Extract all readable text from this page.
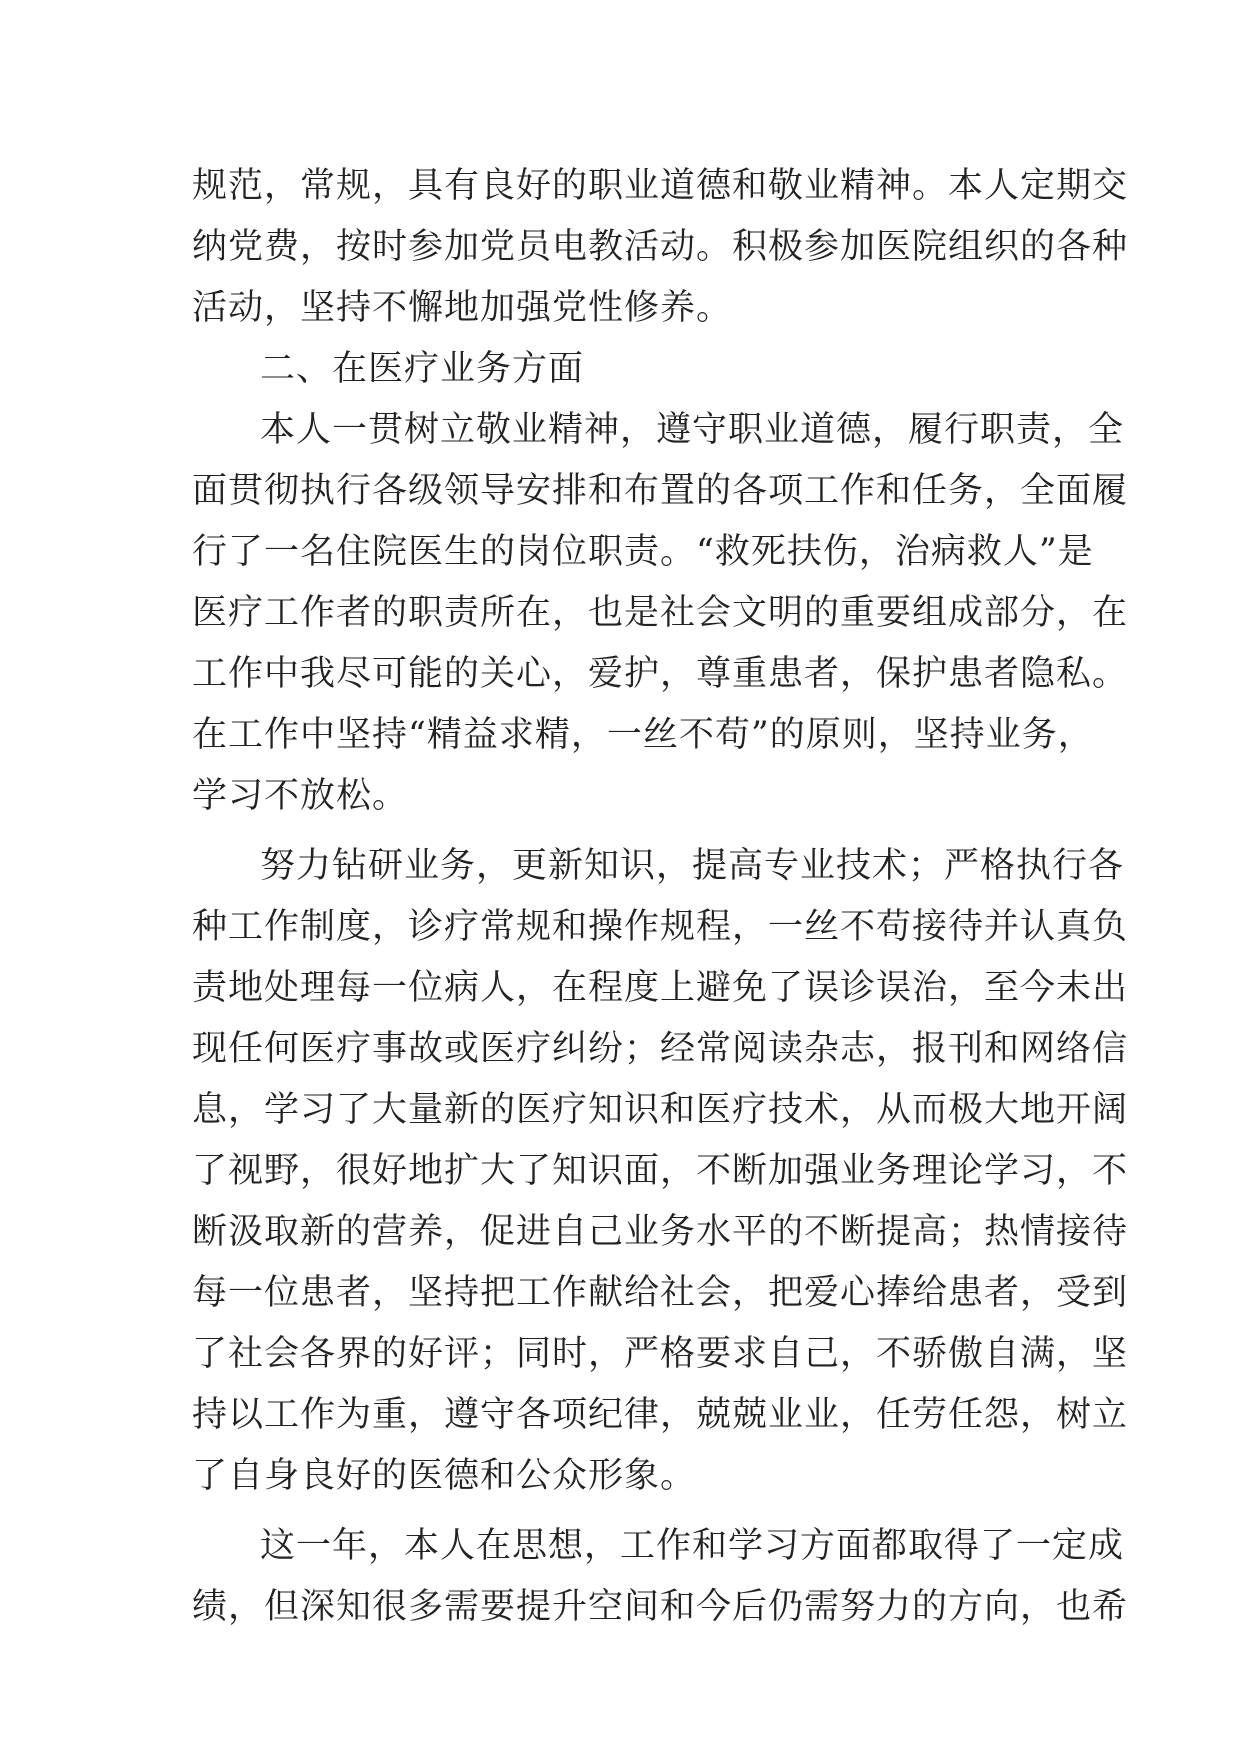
规范，常规，具有良好的职业道德和敬业精神。本人定期交
纳党费，按时参加党员电教活动。积极参加医院组织的各种
活动，坚持不懈地加强党性修养。
二、在医疗业务方面
本人一贯树立敬业精神，遵守职业道德，履行职责，全
面贯彻执行各级领导安排和布置的各项工作和任务，全面履
行了一名住院医生的岗位职责。“救死扶伤，治病救人”是
医疗工作者的职责所在，也是社会文明的重要组成部分，在
工作中我尽可能的关心，爱护，尊重患者，保护患者隐私。
在工作中坚持“精益求精，一丝不苟”的原则，坚持业务，
学习不放松。
努力钻研业务，更新知识，提高专业技术；严格执行各
种工作制度，诊疗常规和操作规程，一丝不苟接待并认真负
责地处理每一位病人，在程度上避免了误诊误治，至今未出
现任何医疗事故或医疗纠纷；经常阅读杂志，报刊和网络信
息，学习了大量新的医疗知识和医疗技术，从而极大地开阔
了视野，很好地扩大了知识面，不断加强业务理论学习，不
断汲取新的营养，促进自己业务水平的不断提高；热情接待
每一位患者，坚持把工作献给社会，把爱心捧给患者，受到
了社会各界的好评；同时，严格要求自己，不骄傲自满，坚
持以工作为重，遵守各项纪律，兢兢业业，任劳任怨，树立
了自身良好的医德和公众形象。
这一年，本人在思想，工作和学习方面都取得了一定成
绩，但深知很多需要提升空间和今后仍需努力的方向，也希
